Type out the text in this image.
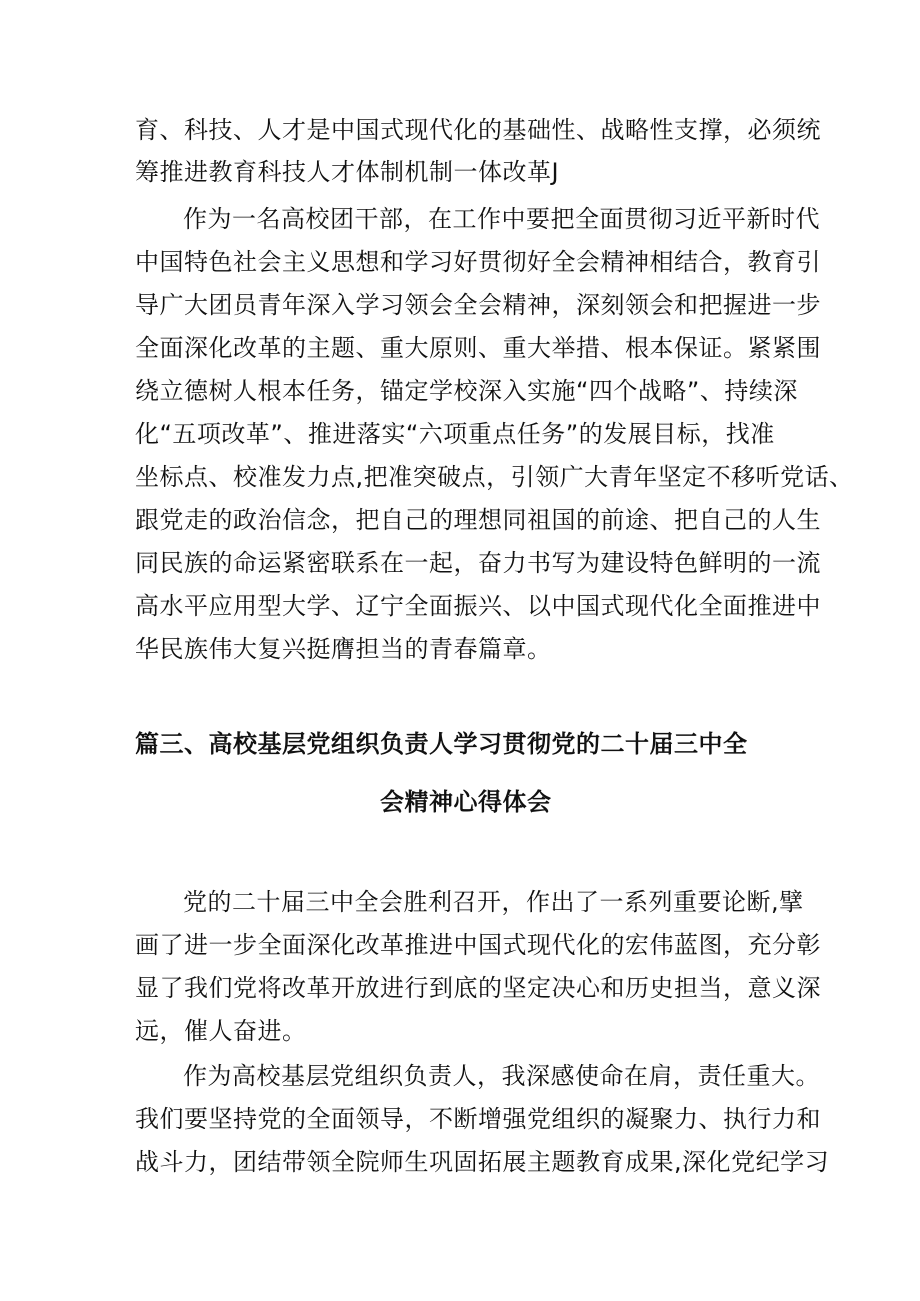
育、科技、人才是中国式现代化的基础性、战略性支撑，必须统
筹推进教育科技人才体制机制一体改革J
作为一名高校团干部，在工作中要把全面贯彻习近平新时代
中国特色社会主义思想和学习好贯彻好全会精神相结合，教育引
导广大团员青年深入学习领会全会精神，深刻领会和把握进一步
全面深化改革的主题、重大原则、重大举措、根本保证。紧紧围
绕立德树人根本任务，锚定学校深入实施“四个战略”、持续深
化“五项改革”、推进落实“六项重点任务”的发展目标，找准
坐标点、校准发力点,把准突破点，引领广大青年坚定不移听党话、
跟党走的政治信念，把自己的理想同祖国的前途、把自己的人生
同民族的命运紧密联系在一起，奋力书写为建设特色鲜明的一流
高水平应用型大学、辽宁全面振兴、以中国式现代化全面推进中
华民族伟大复兴挺膺担当的青春篇章。
篇三、高校基层党组织负责人学习贯彻党的二十届三中全
会精神心得体会
党的二十届三中全会胜利召开，作出了一系列重要论断,擘
画了进一步全面深化改革推进中国式现代化的宏伟蓝图，充分彰
显了我们党将改革开放进行到底的坚定决心和历史担当，意义深
远，催人奋进。
作为高校基层党组织负责人，我深感使命在肩，责任重大。
我们要坚持党的全面领导，不断增强党组织的凝聚力、执行力和
战斗力，团结带领全院师生巩固拓展主题教育成果,深化党纪学习
